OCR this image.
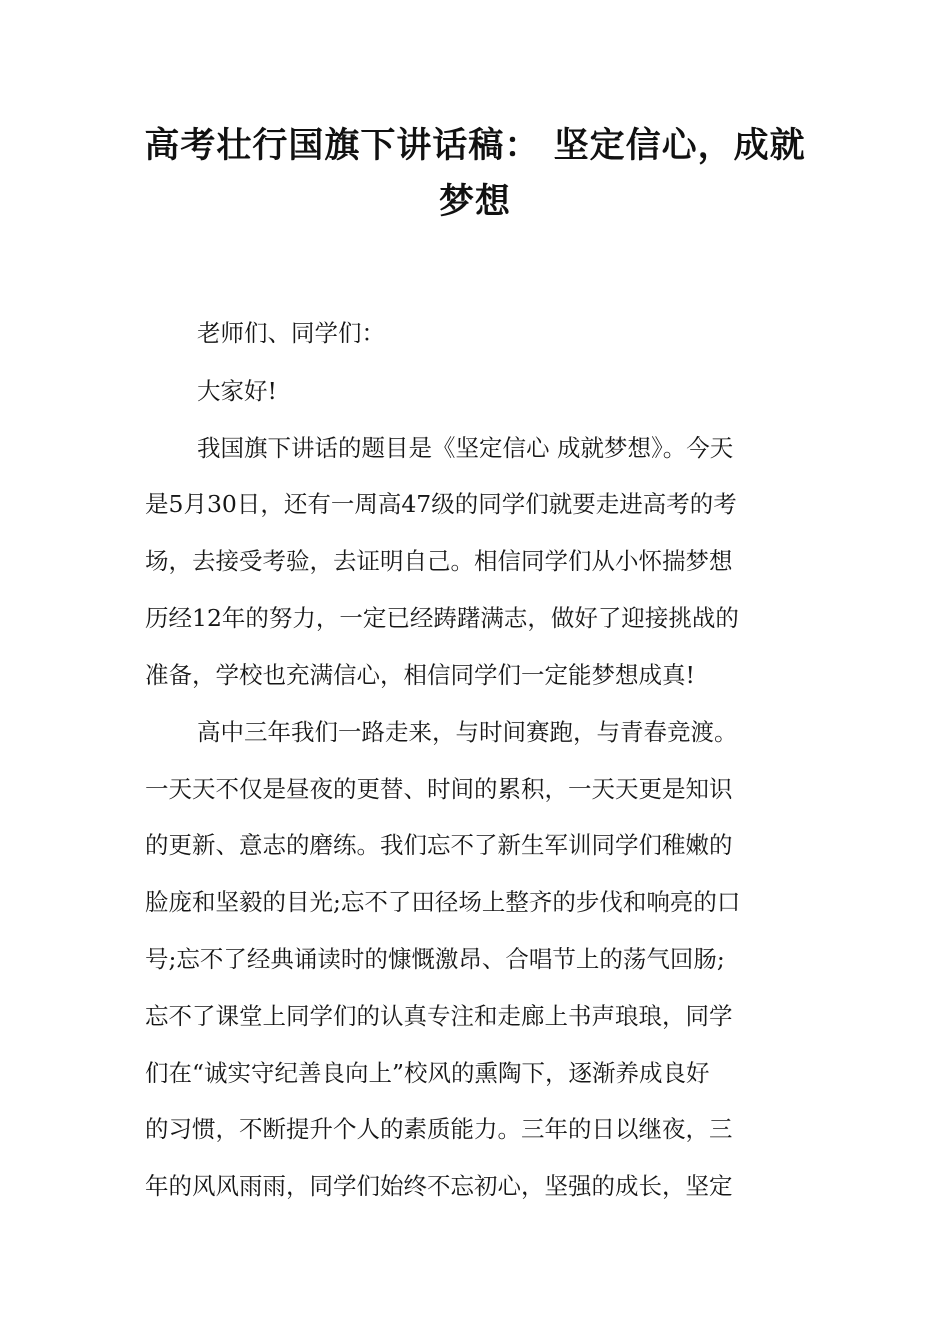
高考壮行国旗下讲话稿： 坚定信心，成就
梦想
老师们、同学们：
大家好!
我国旗下讲话的题目是《坚定信心 成就梦想》。今天
是5月30日，还有一周高47级的同学们就要走进高考的考
场，去接受考验，去证明自己。相信同学们从小怀揣梦想
历经12年的努力，一定已经踌躇满志，做好了迎接挑战的
准备，学校也充满信心，相信同学们一定能梦想成真!
高中三年我们一路走来，与时间赛跑，与青春竞渡。
一天天不仅是昼夜的更替、时间的累积，一天天更是知识
的更新、意志的磨练。我们忘不了新生军训同学们稚嫩的
脸庞和坚毅的目光;忘不了田径场上整齐的步伐和响亮的口
号;忘不了经典诵读时的慷慨激昂、合唱节上的荡气回肠;
忘不了课堂上同学们的认真专注和走廊上书声琅琅，同学
们在“诚实守纪善良向上”校风的熏陶下，逐渐养成良好
的习惯，不断提升个人的素质能力。三年的日以继夜，三
年的风风雨雨，同学们始终不忘初心，坚强的成长，坚定
